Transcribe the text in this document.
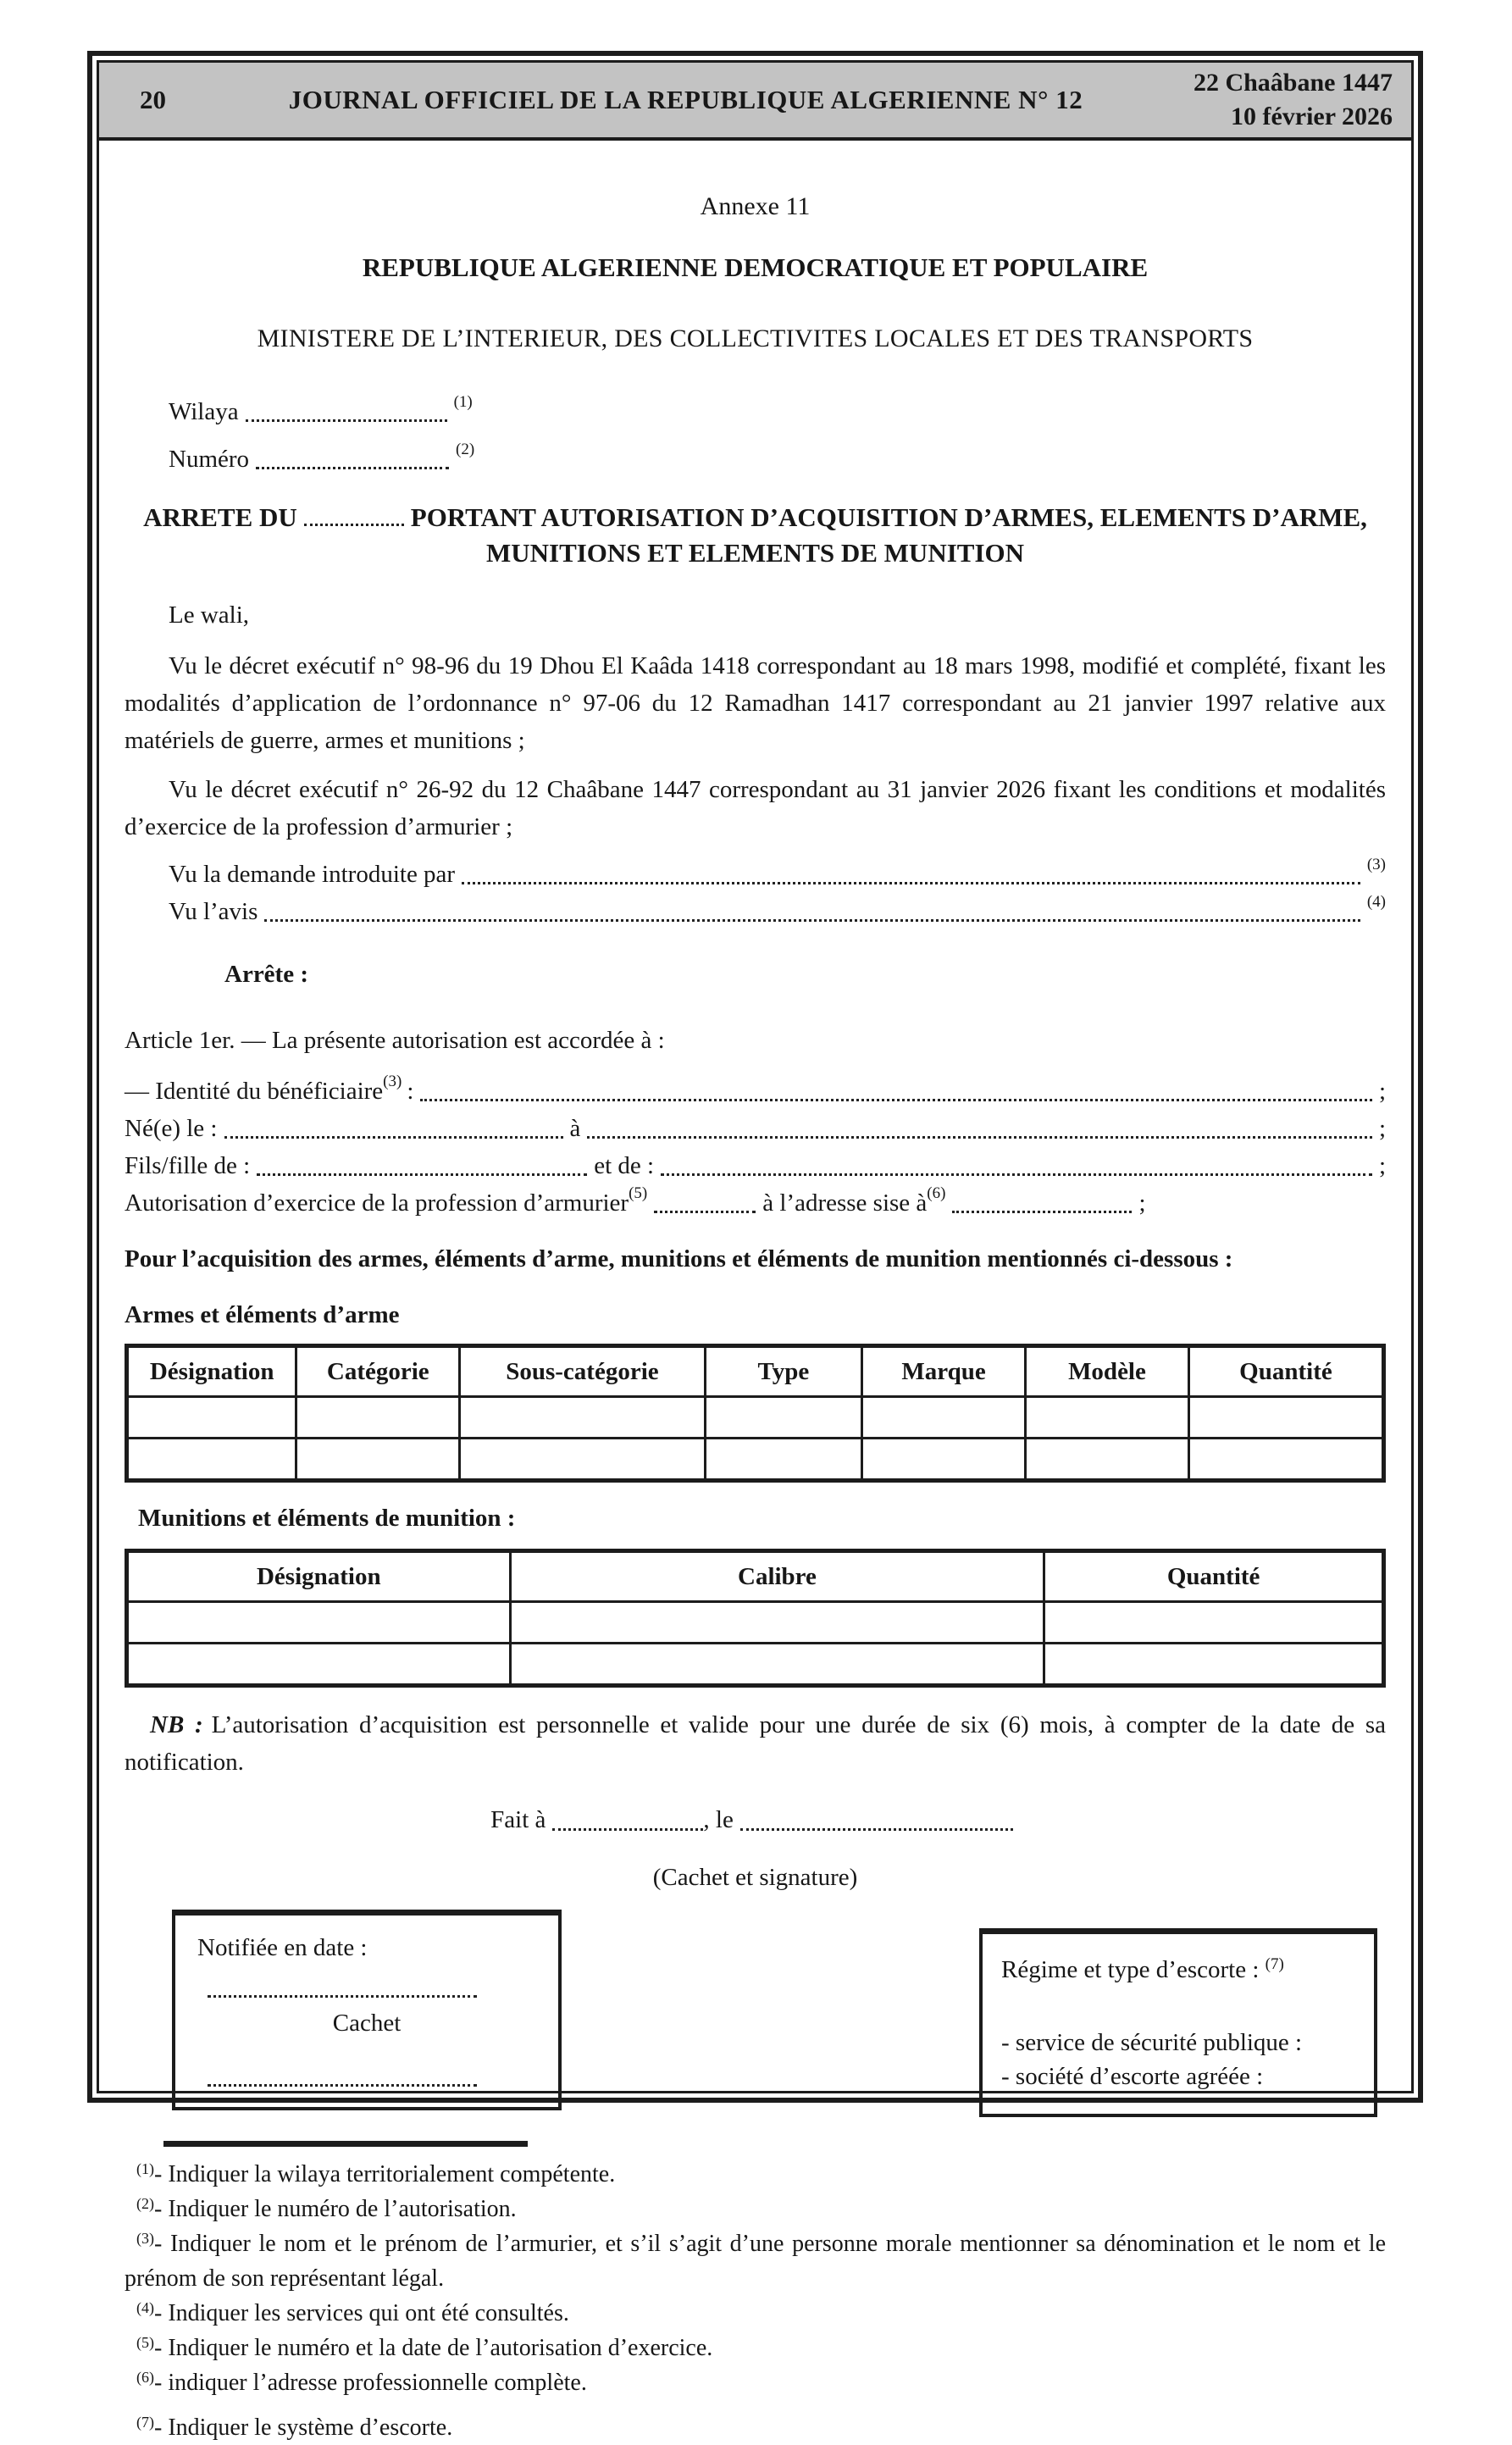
20	JOURNAL OFFICIEL DE LA REPUBLIQUE ALGERIENNE N° 12
22 Chaâbane 1447
10 février 2026
Annexe 11
REPUBLIQUE ALGERIENNE DEMOCRATIQUE ET POPULAIRE
MINISTERE DE L’INTERIEUR, DES COLLECTIVITES LOCALES ET DES TRANSPORTS
Wilaya	(1)
Numéro	(2)
ARRETE DU	PORTANT AUTORISATION D’ACQUISITION D’ARMES, ELEMENTS D’ARME,
MUNITIONS ET ELEMENTS DE MUNITION
Le wali,
Vu le décret exécutif n° 98-96 du 19 Dhou El Kaâda 1418 correspondant au 18 mars 1998, modifié et complété, fixant les modalités d’application de l’ordonnance n° 97-06 du 12 Ramadhan 1417 correspondant au 21 janvier 1997 relative aux matériels de guerre, armes et munitions ;
Vu le décret exécutif n° 26-92 du 12 Chaâbane 1447 correspondant au 31 janvier 2026 fixant les conditions et modalités d’exercice de la profession d’armurier ;
Vu la demande introduite par	(3)
Vu l’avis	(4)
Arrête :
Article 1er. — La présente autorisation est accordée à :
— Identité du bénéficiaire (3) :	;
Né(e) le :	à	;
Fils/fille de :	et de :	;
Autorisation d’exercice de la profession d’armurier (5)	à l’adresse sise à (6)	;
Pour l’acquisition des armes, éléments d’arme, munitions et éléments de munition mentionnés ci-dessous :
Armes et éléments d’arme
Désignation	Catégorie	Sous-catégorie	Type	Marque	Modèle	Quantité

Munitions et éléments de munition :
Désignation	Calibre	Quantité

NB : L’autorisation d’acquisition est personnelle et valide pour une durée de six (6) mois, à compter de la date de sa notification.
Fait à	, le
(Cachet et signature)
Notifiée en date :
Cachet
Régime et type d’escorte : $^{(7)}$
- service de sécurité publique :
- société d’escorte agréée :
$^{(1)}$- Indiquer la wilaya territorialement compétente.
$^{(2)}$- Indiquer le numéro de l’autorisation.
$^{(3)}$- Indiquer le nom et le prénom de l’armurier, et s’il s’agit d’une personne morale mentionner sa dénomination et le nom et le prénom de son représentant légal.
$^{(4)}$- Indiquer les services qui ont été consultés.
$^{(5)}$- Indiquer le numéro et la date de l’autorisation d’exercice.
$^{(6)}$- indiquer l’adresse professionnelle complète.
$^{(7)}$- Indiquer le système d’escorte.
